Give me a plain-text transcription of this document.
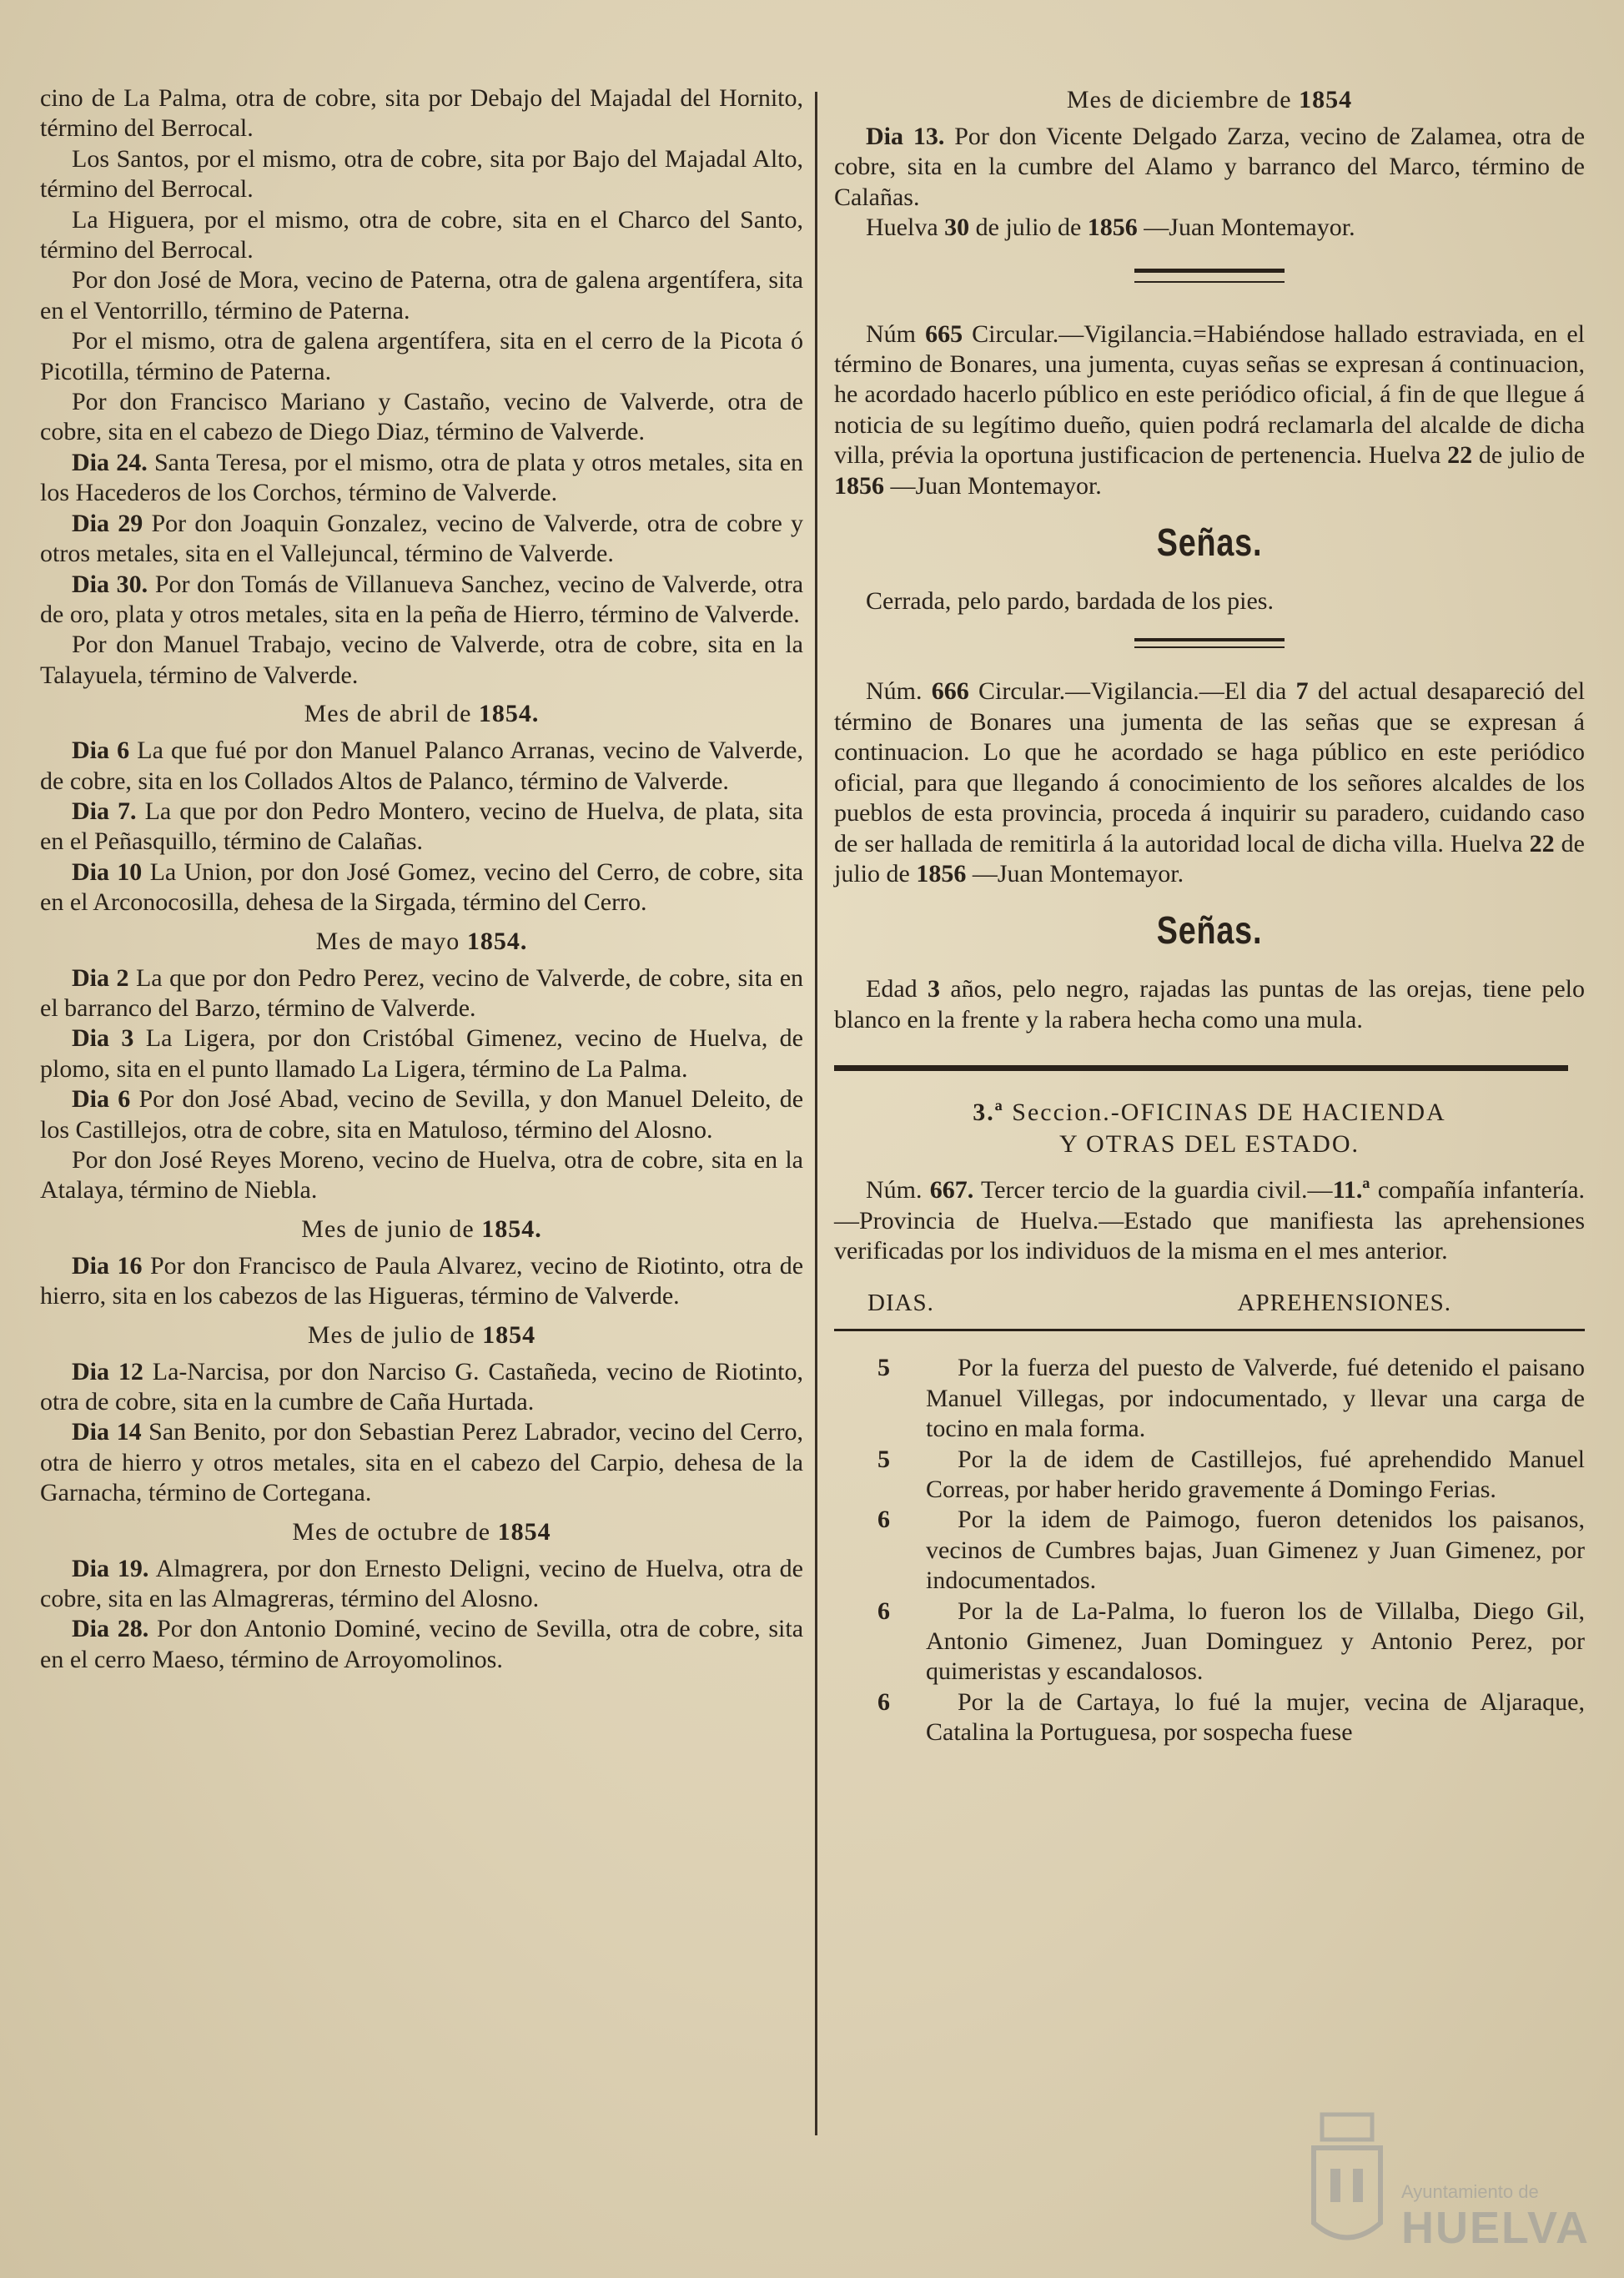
cino de La Palma, otra de cobre, sita por Debajo del Majadal del Hornito, término del Berrocal.

Los Santos, por el mismo, otra de cobre, sita por Bajo del Majadal Alto, término del Berrocal.

La Higuera, por el mismo, otra de cobre, sita en el Charco del Santo, término del Berrocal.

Por don José de Mora, vecino de Paterna, otra de galena argentífera, sita en el Ventorrillo, término de Paterna.

Por el mismo, otra de galena argentífera, sita en el cerro de la Picota ó Picotilla, término de Paterna.

Por don Francisco Mariano y Castaño, vecino de Valverde, otra de cobre, sita en el cabezo de Diego Diaz, término de Valverde.

Dia 24. Santa Teresa, por el mismo, otra de plata y otros metales, sita en los Hacederos de los Corchos, término de Valverde.

Dia 29 Por don Joaquin Gonzalez, vecino de Valverde, otra de cobre y otros metales, sita en el Vallejuncal, término de Valverde.

Dia 30. Por don Tomás de Villanueva Sanchez, vecino de Valverde, otra de oro, plata y otros metales, sita en la peña de Hierro, término de Valverde.

Por don Manuel Trabajo, vecino de Valverde, otra de cobre, sita en la Talayuela, término de Valverde.

Mes de abril de 1854.

Dia 6 La que fué por don Manuel Palanco Arranas, vecino de Valverde, de cobre, sita en los Collados Altos de Palanco, término de Valverde.

Dia 7. La que por don Pedro Montero, vecino de Huelva, de plata, sita en el Peñasquillo, término de Calañas.

Dia 10 La Union, por don José Gomez, vecino del Cerro, de cobre, sita en el Arconocosilla, dehesa de la Sirgada, término del Cerro.

Mes de mayo 1854.

Dia 2 La que por don Pedro Perez, vecino de Valverde, de cobre, sita en el barranco del Barzo, término de Valverde.

Dia 3 La Ligera, por don Cristóbal Gimenez, vecino de Huelva, de plomo, sita en el punto llamado La Ligera, término de La Palma.

Dia 6 Por don José Abad, vecino de Sevilla, y don Manuel Deleito, de los Castillejos, otra de cobre, sita en Matuloso, término del Alosno.

Por don José Reyes Moreno, vecino de Huelva, otra de cobre, sita en la Atalaya, término de Niebla.

Mes de junio de 1854.

Dia 16 Por don Francisco de Paula Alvarez, vecino de Riotinto, otra de hierro, sita en los cabezos de las Higueras, término de Valverde.

Mes de julio de 1854

Dia 12 La-Narcisa, por don Narciso G. Castañeda, vecino de Riotinto, otra de cobre, sita en la cumbre de Caña Hurtada.

Dia 14 San Benito, por don Sebastian Perez Labrador, vecino del Cerro, otra de hierro y otros metales, sita en el cabezo del Carpio, dehesa de la Garnacha, término de Cortegana.

Mes de octubre de 1854

Dia 19. Almagrera, por don Ernesto Deligni, vecino de Huelva, otra de cobre, sita en las Almagreras, término del Alosno.

Dia 28. Por don Antonio Dominé, vecino de Sevilla, otra de cobre, sita en el cerro Maeso, término de Arroyomolinos.

Mes de diciembre de 1854

Dia 13. Por don Vicente Delgado Zarza, vecino de Zalamea, otra de cobre, sita en la cumbre del Alamo y barranco del Marco, término de Calañas.

Huelva 30 de julio de 1856 —Juan Montemayor.

Núm 665 Circular.—Vigilancia.=Habiéndose hallado estraviada, en el término de Bonares, una jumenta, cuyas señas se expresan á continuacion, he acordado hacerlo público en este periódico oficial, á fin de que llegue á noticia de su legítimo dueño, quien podrá reclamarla del alcalde de dicha villa, prévia la oportuna justificacion de pertenencia. Huelva 22 de julio de 1856 —Juan Montemayor.

Señas.

Cerrada, pelo pardo, bardada de los pies.

Núm. 666 Circular.—Vigilancia.—El dia 7 del actual desapareció del término de Bonares una jumenta de las señas que se expresan á continuacion. Lo que he acordado se haga público en este periódico oficial, para que llegando á conocimiento de los señores alcaldes de los pueblos de esta provincia, proceda á inquirir su paradero, cuidando caso de ser hallada de remitirla á la autoridad local de dicha villa. Huelva 22 de julio de 1856 —Juan Montemayor.

Señas.

Edad 3 años, pelo negro, rajadas las puntas de las orejas, tiene pelo blanco en la frente y la rabera hecha como una mula.

3.ª Seccion.-OFICINAS DE HACIENDA
Y OTRAS DEL ESTADO.

Núm. 667. Tercer tercio de la guardia civil.—11.ª compañía infantería.—Provincia de Huelva.—Estado que manifiesta las aprehensiones verificadas por los individuos de la misma en el mes anterior.

DIAS.	APREHENSIONES.
5	Por la fuerza del puesto de Valverde, fué detenido el paisano Manuel Villegas, por indocumentado, y llevar una carga de tocino en mala forma.

5	Por la de idem de Castillejos, fué aprehendido Manuel Correas, por haber herido gravemente á Domingo Ferias.

6	Por la idem de Paimogo, fueron detenidos los paisanos, vecinos de Cumbres bajas, Juan Gimenez y Juan Gimenez, por indocumentados.

6	Por la de La-Palma, lo fueron los de Villalba, Diego Gil, Antonio Gimenez, Juan Dominguez y Antonio Perez, por quimeristas y escandalosos.

6	Por la de Cartaya, lo fué la mujer, vecina de Aljaraque, Catalina la Portuguesa, por sospecha fuese

Ayuntamiento de
HUELVA
